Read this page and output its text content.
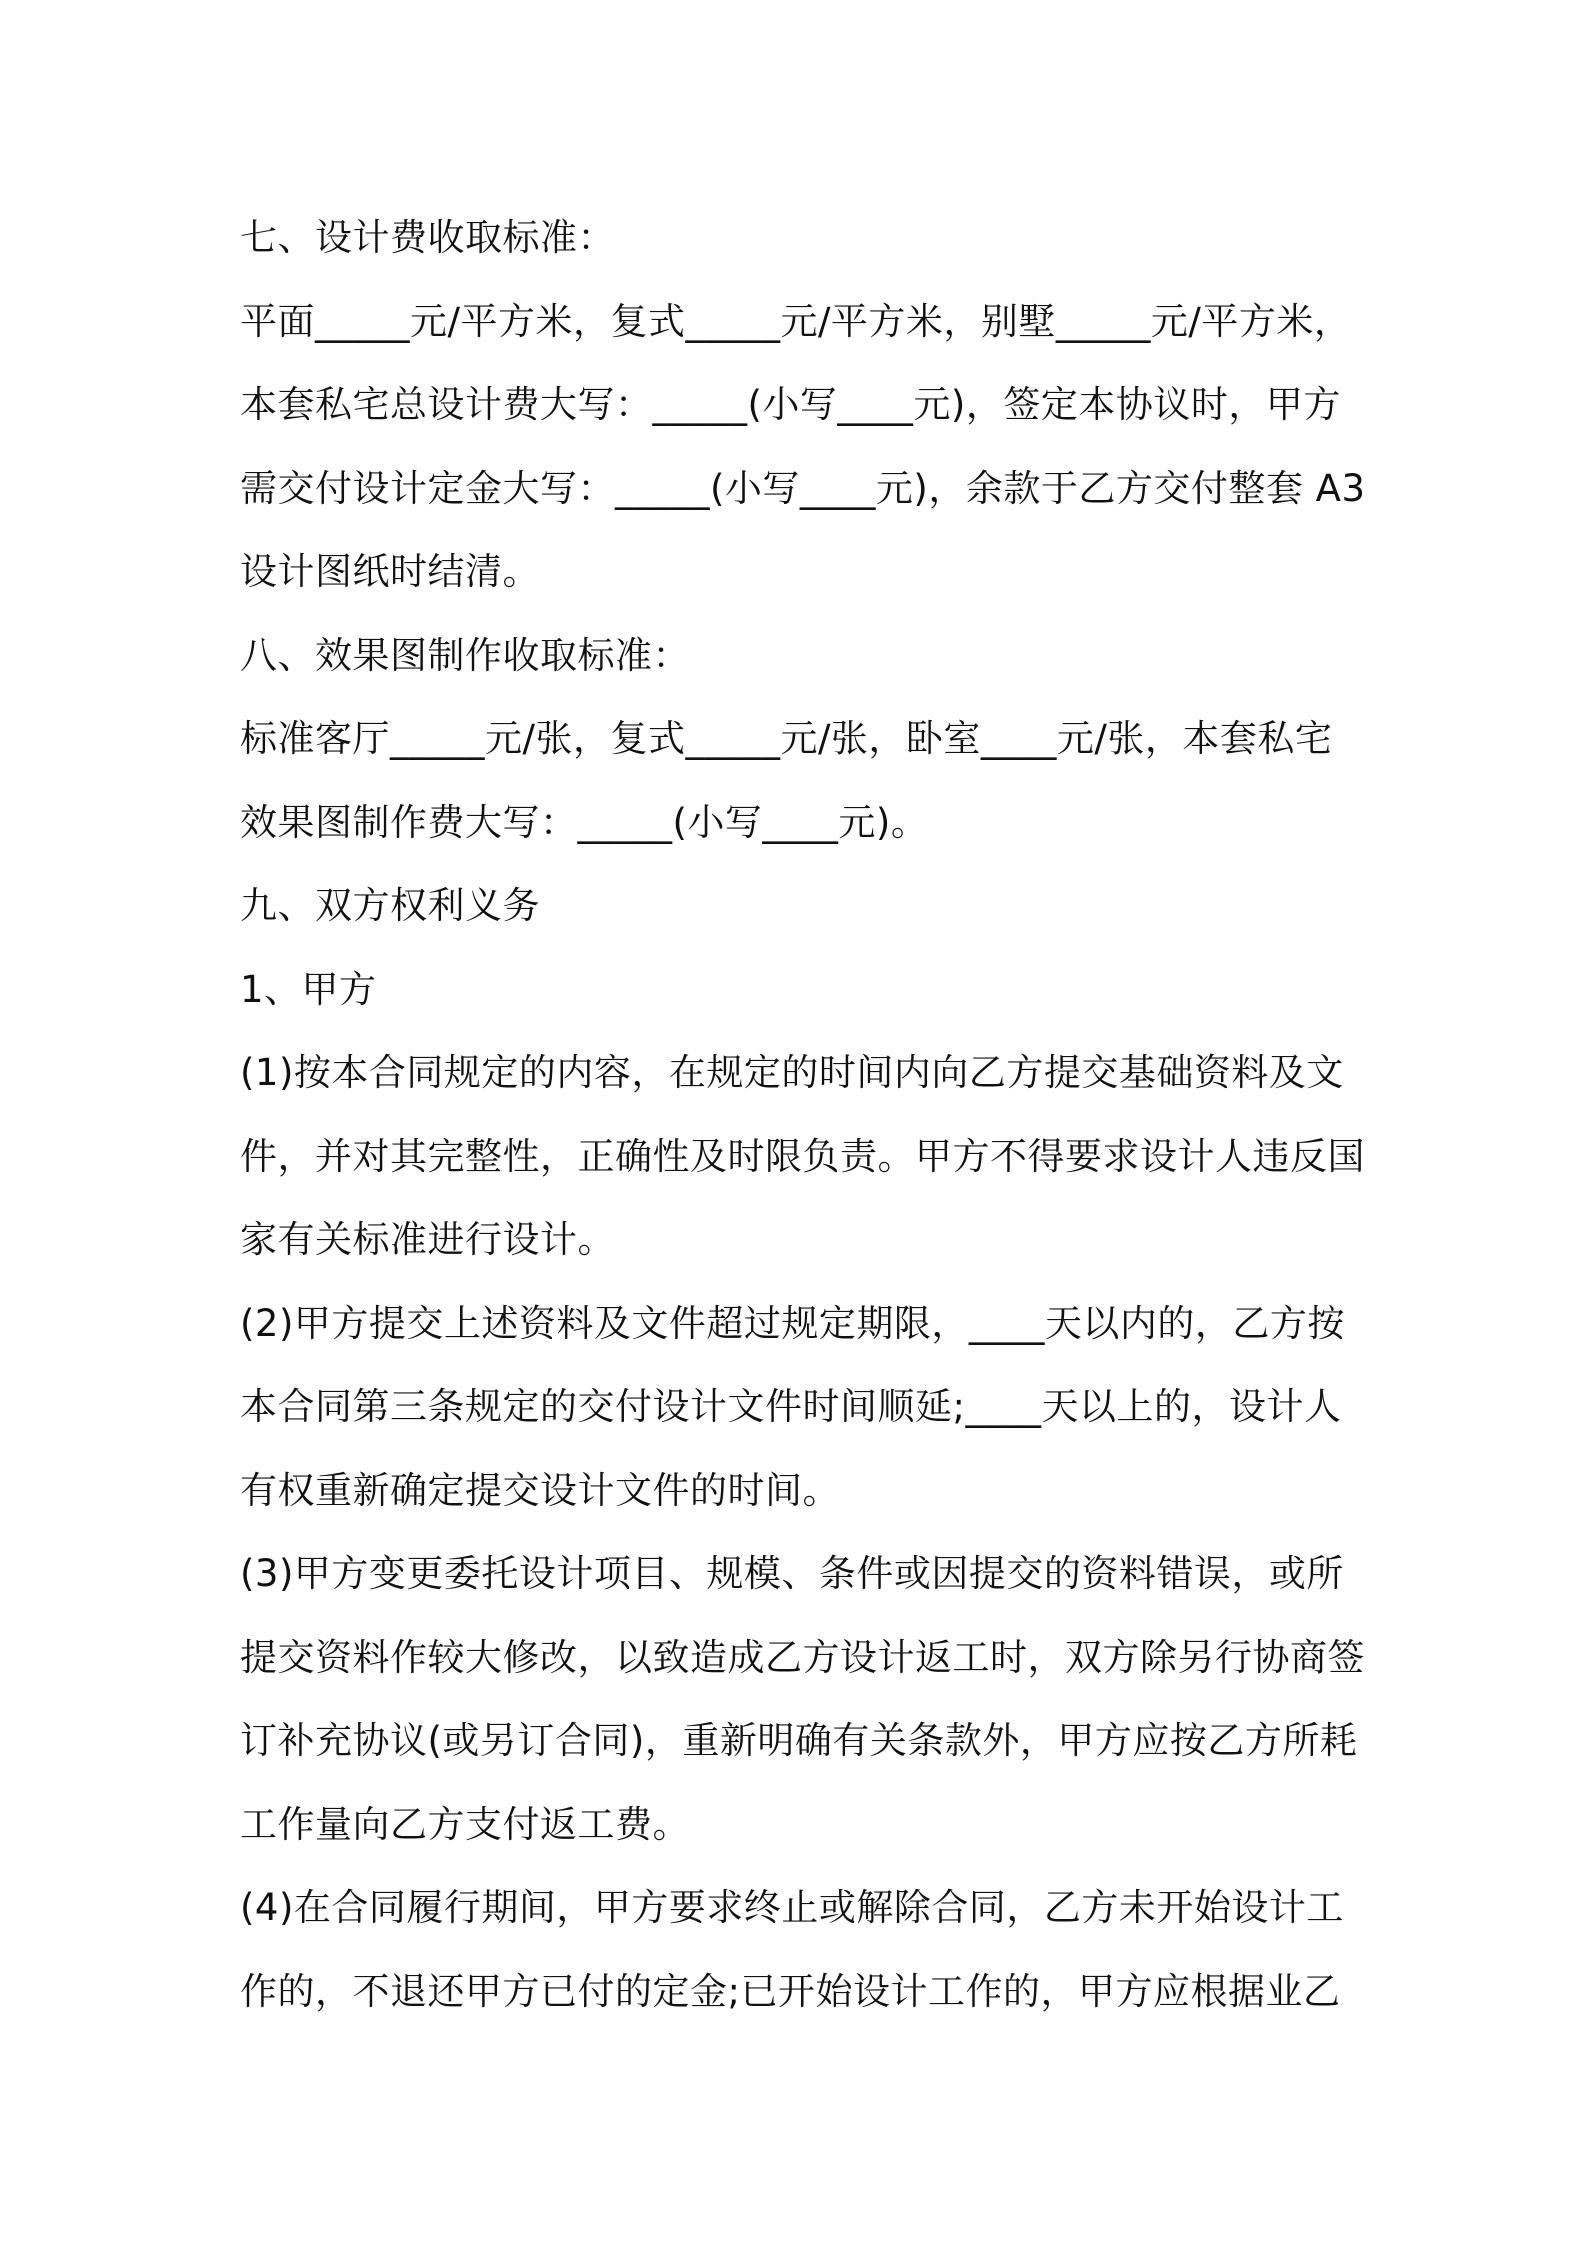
七、设计费收取标准：
平面_____元/平方米，复式_____元/平方米，别墅_____元/平方米，
本套私宅总设计费大写：_____(小写____元)，签定本协议时，甲方
需交付设计定金大写：_____(小写____元)，余款于乙方交付整套 A3
设计图纸时结清。
八、效果图制作收取标准：
标准客厅_____元/张，复式_____元/张，卧室____元/张，本套私宅
效果图制作费大写：_____(小写____元)。
九、双方权利义务
1、甲方
(1)按本合同规定的内容，在规定的时间内向乙方提交基础资料及文
件，并对其完整性，正确性及时限负责。甲方不得要求设计人违反国
家有关标准进行设计。
(2)甲方提交上述资料及文件超过规定期限，____天以内的，乙方按
本合同第三条规定的交付设计文件时间顺延;____天以上的，设计人
有权重新确定提交设计文件的时间。
(3)甲方变更委托设计项目、规模、条件或因提交的资料错误，或所
提交资料作较大修改，以致造成乙方设计返工时，双方除另行协商签
订补充协议(或另订合同)，重新明确有关条款外，甲方应按乙方所耗
工作量向乙方支付返工费。
(4)在合同履行期间，甲方要求终止或解除合同，乙方未开始设计工
作的，不退还甲方已付的定金;已开始设计工作的，甲方应根据业乙
